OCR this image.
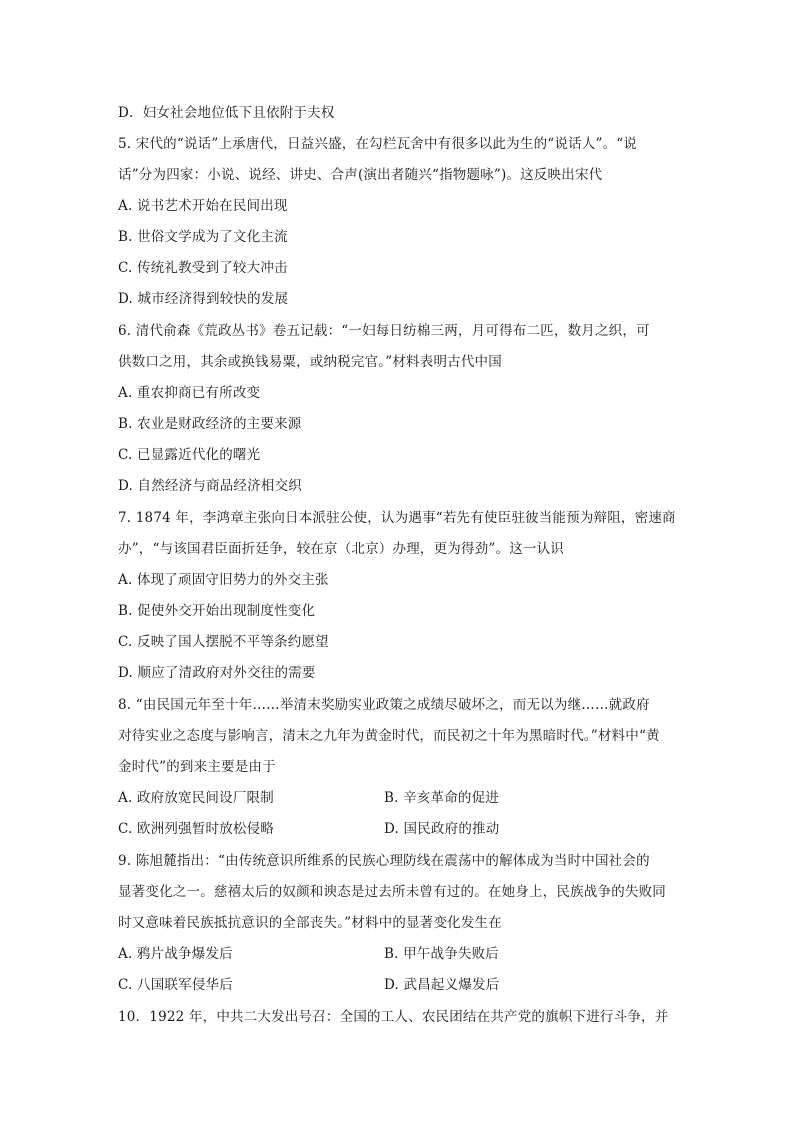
D．妇女社会地位低下且依附于夫权
5. 宋代的“说话”上承唐代，日益兴盛，在勾栏瓦舍中有很多以此为生的“说话人”。“说
话”分为四家：小说、说经、讲史、合声(演出者随兴“指物题咏”)。这反映出宋代
A. 说书艺术开始在民间出现
B. 世俗文学成为了文化主流
C. 传统礼教受到了较大冲击
D. 城市经济得到较快的发展
6. 清代俞森《荒政丛书》卷五记载：“一妇每日纺棉三两，月可得布二匹，数月之织，可
供数口之用，其余或换钱易粟，或纳税完官。”材料表明古代中国
A. 重农抑商已有所改变
B. 农业是财政经济的主要来源
C. 已显露近代化的曙光
D. 自然经济与商品经济相交织
7. 1874 年，李鸿章主张向日本派驻公使，认为遇事“若先有使臣驻彼当能预为辩阻，密速商
办”，“与该国君臣面折廷争，较在京（北京）办理，更为得劲”。这一认识
A. 体现了顽固守旧势力的外交主张
B. 促使外交开始出现制度性变化
C. 反映了国人摆脱不平等条约愿望
D. 顺应了清政府对外交往的需要
8. “由民国元年至十年……举清末奖励实业政策之成绩尽破坏之，而无以为继……就政府
对待实业之态度与影响言，清末之九年为黄金时代，而民初之十年为黑暗时代。”材料中“黄
金时代”的到来主要是由于
A. 政府放宽民间设厂限制	B. 辛亥革命的促进
C. 欧洲列强暂时放松侵略	D. 国民政府的推动
9. 陈旭麓指出：“由传统意识所维系的民族心理防线在震荡中的解体成为当时中国社会的
显著变化之一。慈禧太后的奴颜和谀态是过去所未曾有过的。在她身上，民族战争的失败同
时又意味着民族抵抗意识的全部丧失。”材料中的显著变化发生在
A. 鸦片战争爆发后	B. 甲午战争失败后
C. 八国联军侵华后	D. 武昌起义爆发后
10．1922 年，中共二大发出号召：全国的工人、农民团结在共产党的旗帜下进行斗争，并
